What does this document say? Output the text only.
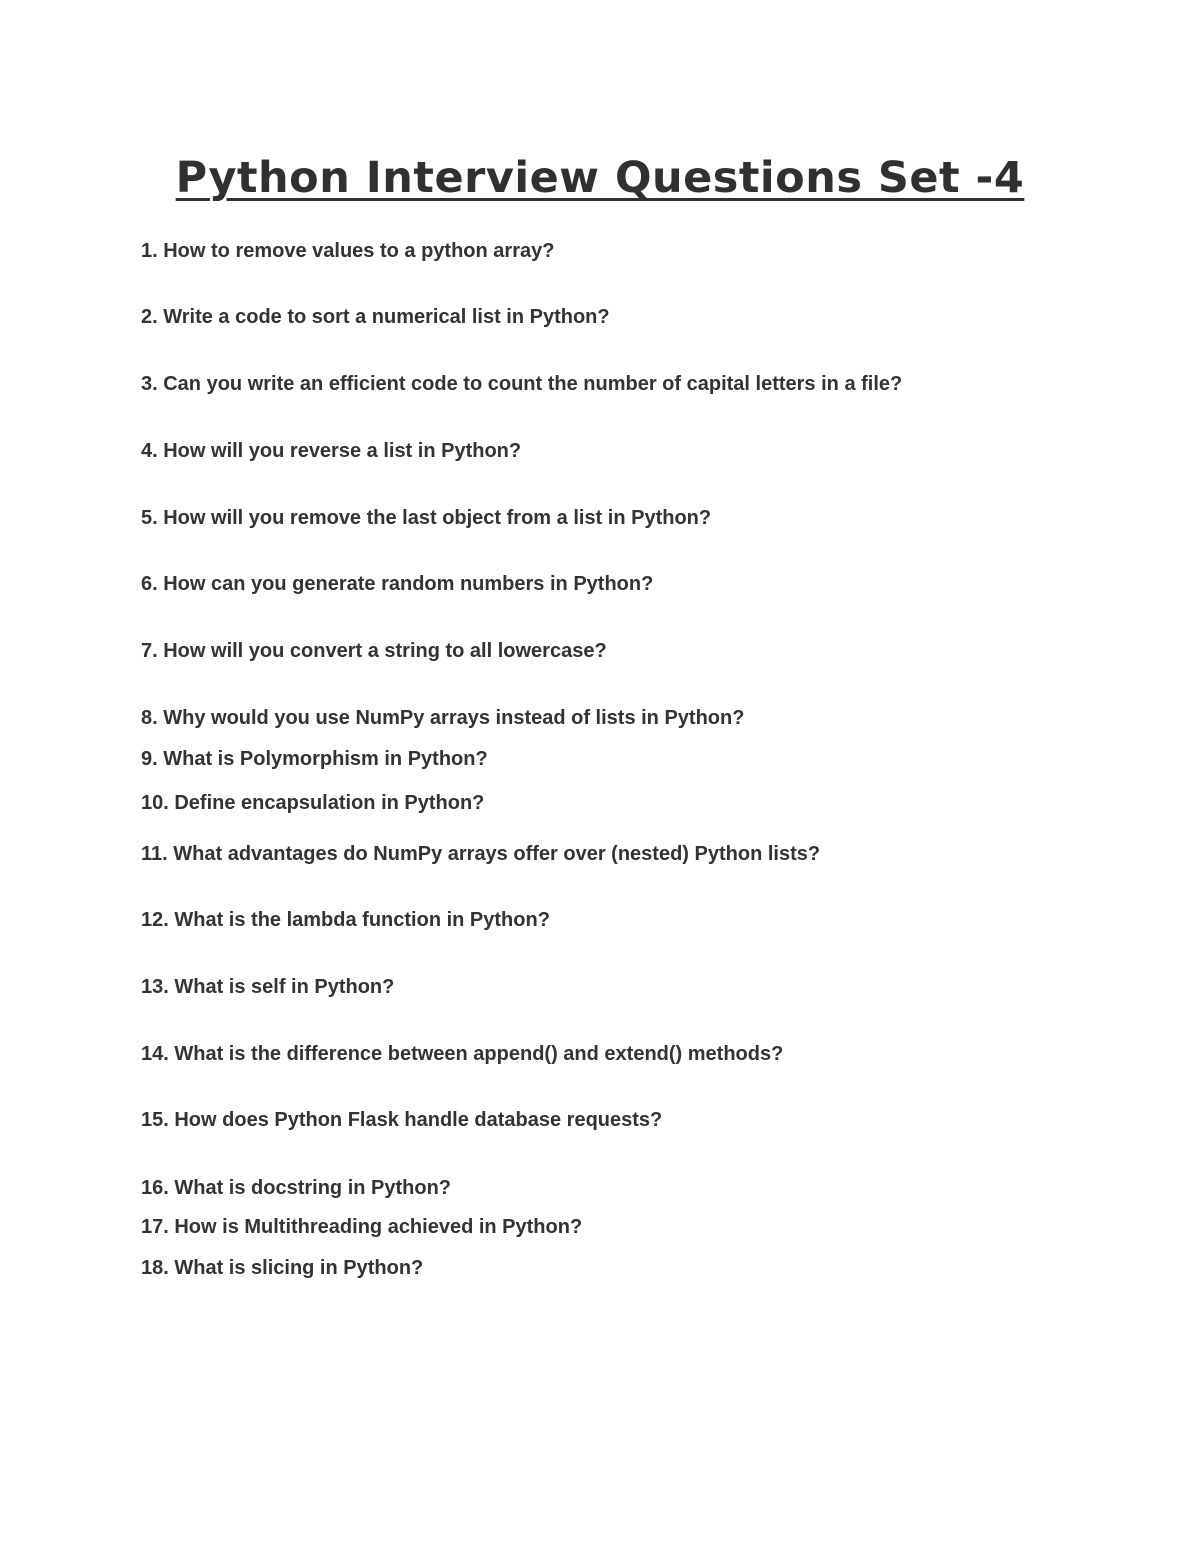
Python Interview Questions Set -4
1. How to remove values to a python array?
2. Write a code to sort a numerical list in Python?
3. Can you write an efficient code to count the number of capital letters in a file?
4. How will you reverse a list in Python?
5. How will you remove the last object from a list in Python?
6. How can you generate random numbers in Python?
7. How will you convert a string to all lowercase?
8. Why would you use NumPy arrays instead of lists in Python?
9. What is Polymorphism in Python?
10. Define encapsulation in Python?
11. What advantages do NumPy arrays offer over (nested) Python lists?
12. What is the lambda function in Python?
13. What is self in Python?
14. What is the difference between append() and extend() methods?
15. How does Python Flask handle database requests?
16. What is docstring in Python?
17. How is Multithreading achieved in Python?
18. What is slicing in Python?
